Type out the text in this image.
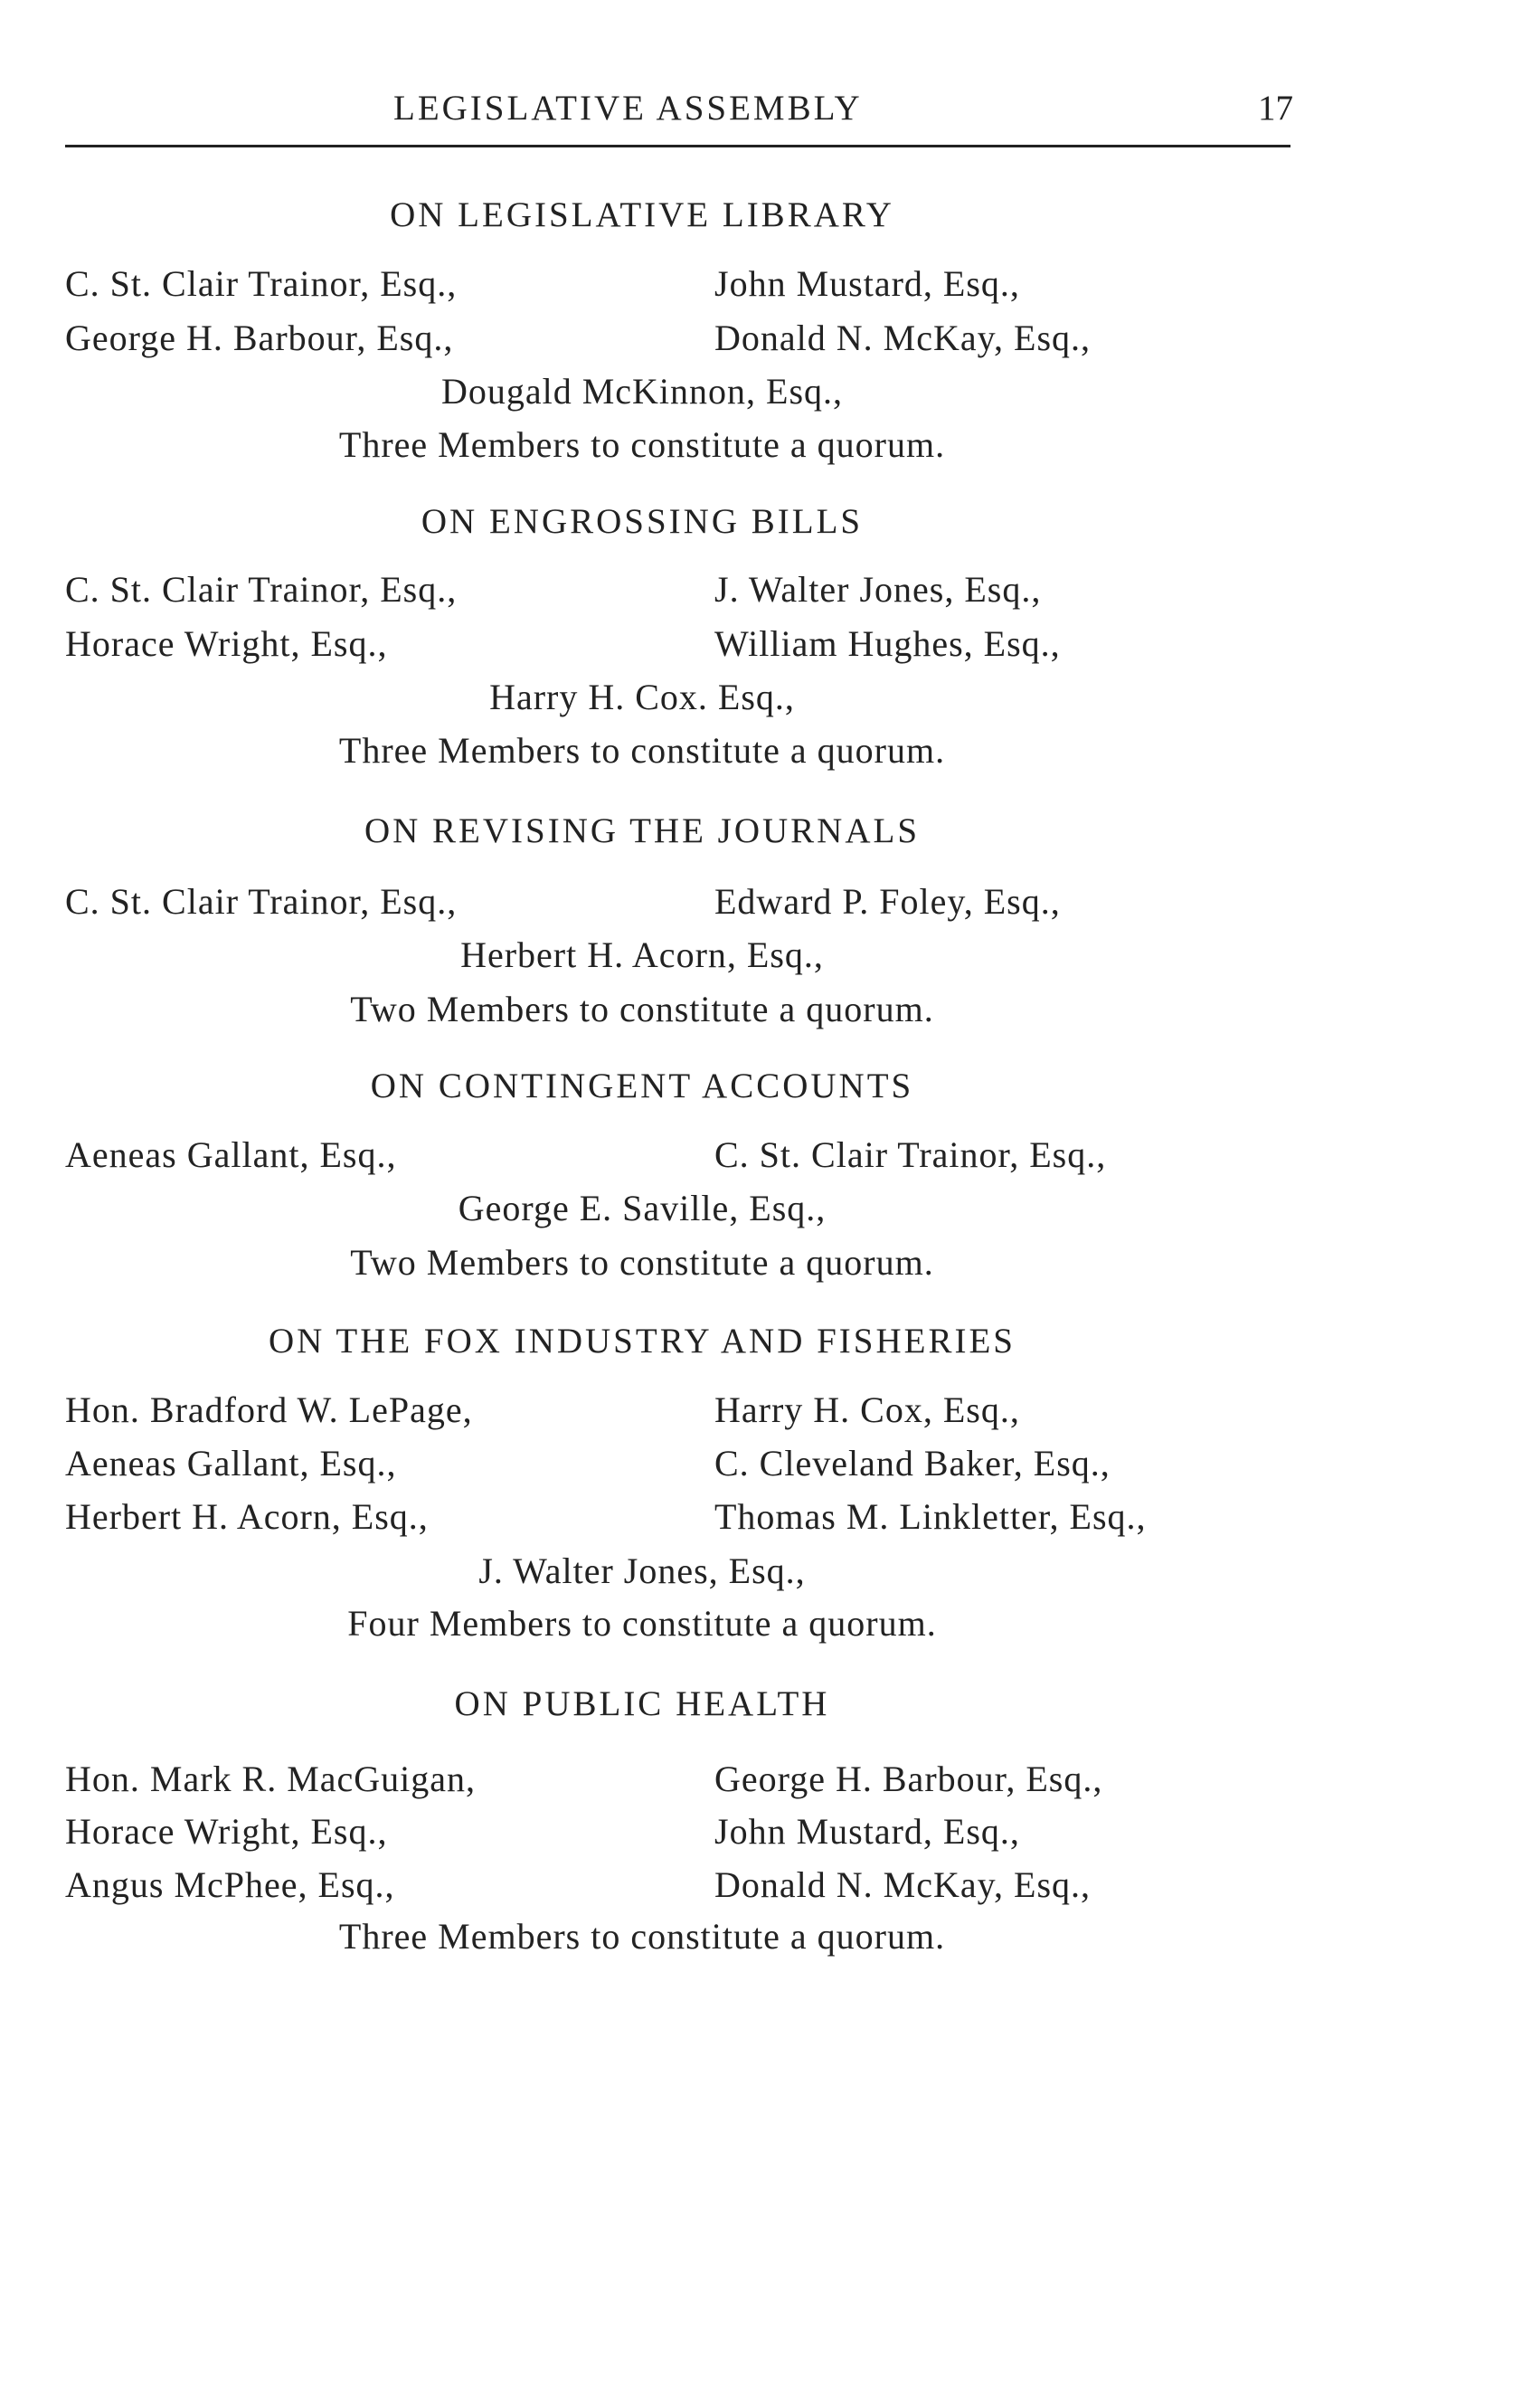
LEGISLATIVE ASSEMBLY	17
ON LEGISLATIVE LIBRARY
C. St. Clair Trainor, Esq.,	John Mustard, Esq.,
George H. Barbour, Esq.,	Donald N. McKay, Esq.,
Dougald McKinnon, Esq.,
Three Members to constitute a quorum.
ON ENGROSSING BILLS
C. St. Clair Trainor, Esq.,	J. Walter Jones, Esq.,
Horace Wright, Esq.,	William Hughes, Esq.,
Harry H. Cox. Esq.,
Three Members to constitute a quorum.
ON REVISING THE JOURNALS
C. St. Clair Trainor, Esq.,	Edward P. Foley, Esq.,
Herbert H. Acorn, Esq.,
Two Members to constitute a quorum.
ON CONTINGENT ACCOUNTS
Aeneas Gallant, Esq.,	C. St. Clair Trainor, Esq.,
George E. Saville, Esq.,
Two Members to constitute a quorum.
ON THE FOX INDUSTRY AND FISHERIES
Hon. Bradford W. LePage,	Harry H. Cox, Esq.,
Aeneas Gallant, Esq.,	C. Cleveland Baker, Esq.,
Herbert H. Acorn, Esq.,	Thomas M. Linkletter, Esq.,
J. Walter Jones, Esq.,
Four Members to constitute a quorum.
ON PUBLIC HEALTH
Hon. Mark R. MacGuigan,	George H. Barbour, Esq.,
Horace Wright, Esq.,	John Mustard, Esq.,
Angus McPhee, Esq.,	Donald N. McKay, Esq.,
Three Members to constitute a quorum.
